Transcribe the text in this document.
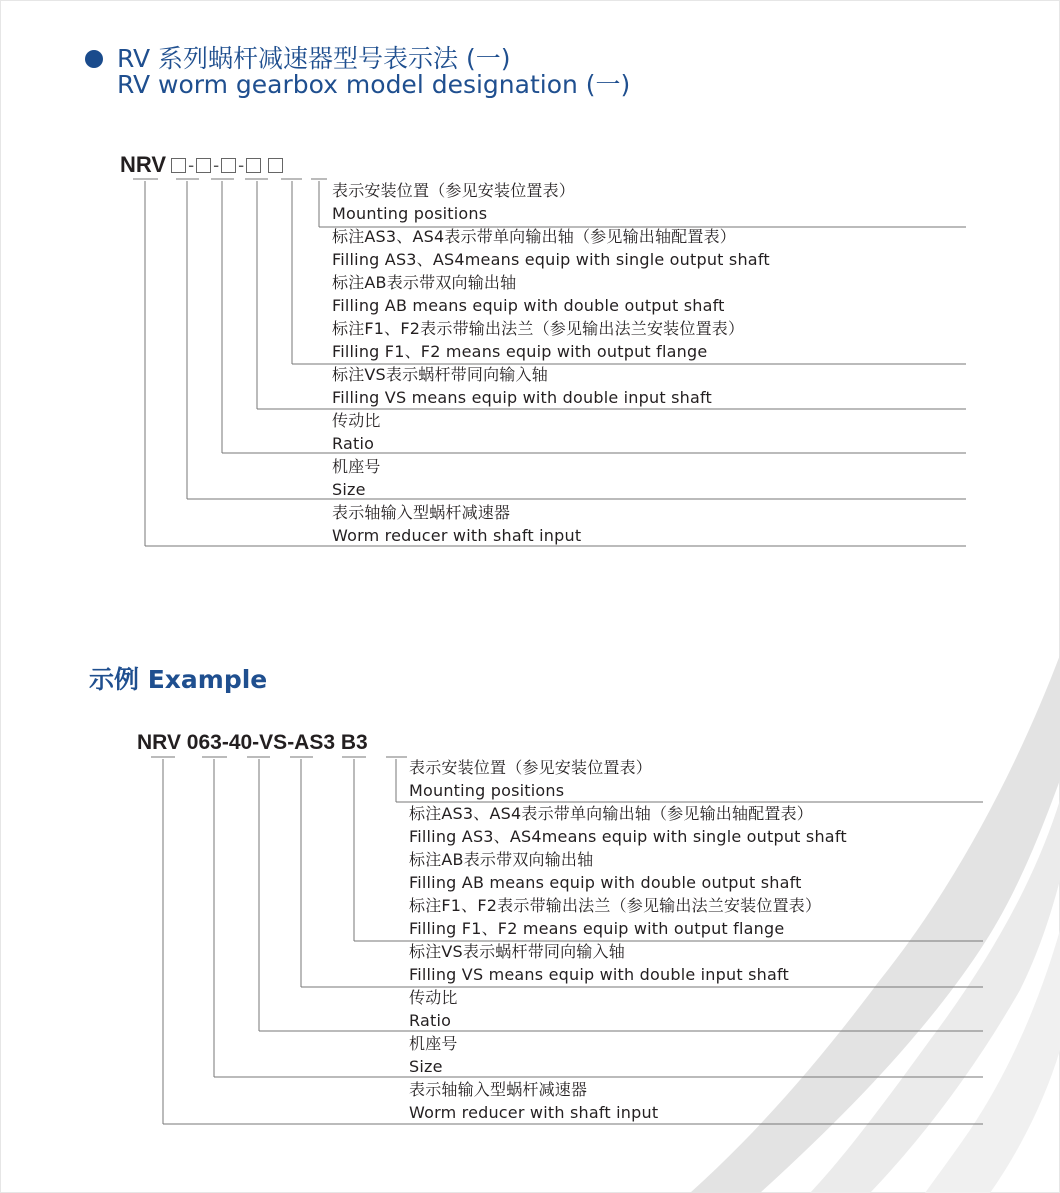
RV 系列蜗杆减速器型号表示法 (一)
RV worm gearbox model designation (一)
NRV - - -
表示安装位置（参见安装位置表）
Mounting positions
标注AS3、AS4表示带单向输出轴（参见输出轴配置表）
Filling AS3、AS4means equip with single output shaft
标注AB表示带双向输出轴
Filling AB means equip with double output shaft
标注F1、F2表示带输出法兰（参见输出法兰安装位置表）
Filling F1、F2 means equip with output flange
标注VS表示蜗杆带同向输入轴
Filling VS means equip with double input shaft
传动比
Ratio
机座号
Size
表示轴输入型蜗杆减速器
Worm reducer with shaft input
示例 Example
NRV 063-40-VS-AS3 B3
表示安装位置（参见安装位置表）
Mounting positions
标注AS3、AS4表示带单向输出轴（参见输出轴配置表）
Filling AS3、AS4means equip with single output shaft
标注AB表示带双向输出轴
Filling AB means equip with double output shaft
标注F1、F2表示带输出法兰（参见输出法兰安装位置表）
Filling F1、F2 means equip with output flange
标注VS表示蜗杆带同向输入轴
Filling VS means equip with double input shaft
传动比
Ratio
机座号
Size
表示轴输入型蜗杆减速器
Worm reducer with shaft input
